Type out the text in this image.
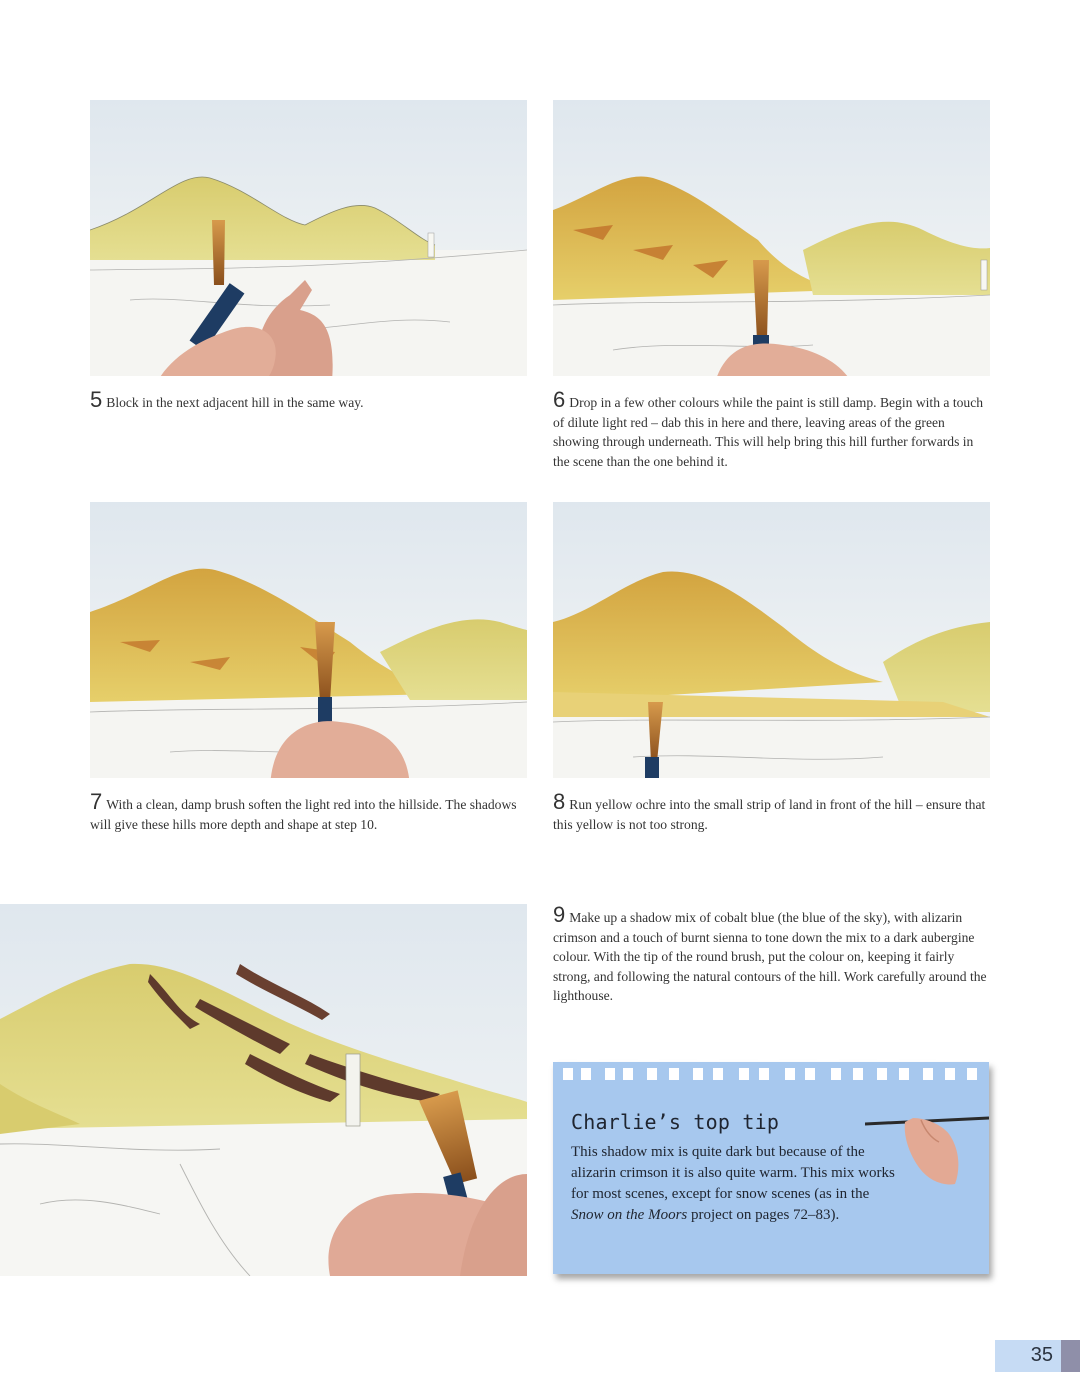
5 Block in the next adjacent hill in the same way.	6 Drop in a few other colours while the paint is still damp. Begin with a touch of dilute light red – dab this in here and there, leaving areas of the green showing through underneath. This will help bring this hill further forwards in the scene than the one behind it.
7 With a clean, damp brush soften the light red into the hillside. The shadows will give these hills more depth and shape at step 10.
8 Run yellow ochre into the small strip of land in front of the hill – ensure that this yellow is not too strong.
9 Make up a shadow mix of cobalt blue (the blue of the sky), with alizarin crimson and a touch of burnt sienna to tone down the mix to a dark aubergine colour. With the tip of the round brush, put the colour on, keeping it fairly strong, and following the natural contours of the hill. Work carefully around the lighthouse.
Charlie’s top tip
This shadow mix is quite dark but because of the alizarin crimson it is also quite warm. This mix works for most scenes, except for snow scenes (as in the Snow on the Moors project on pages 72–83).
35
